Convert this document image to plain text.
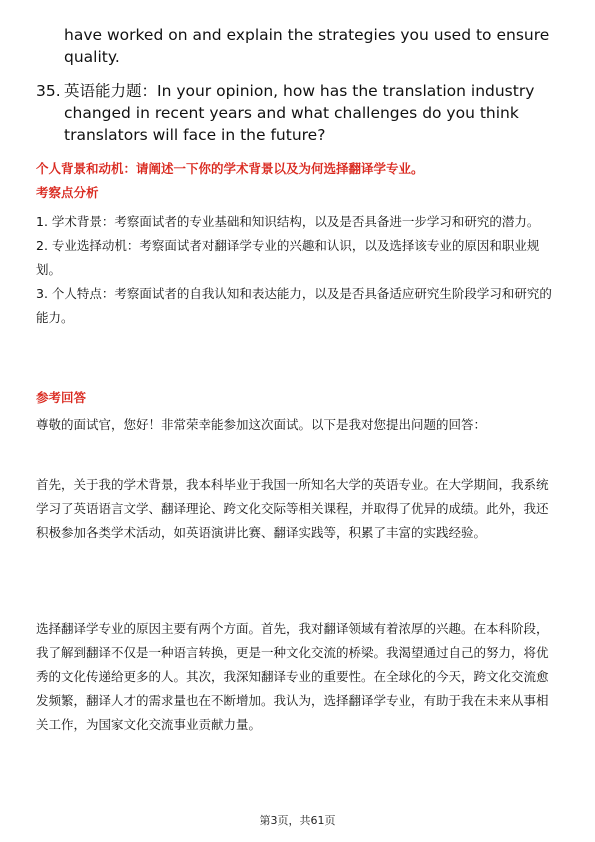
have worked on and explain the strategies you used to ensure quality.

35. 英语能力题：In your opinion, how has the translation industry changed in recent years and what challenges do you think translators will face in the future?

个人背景和动机：请阐述一下你的学术背景以及为何选择翻译学专业。

考察点分析

1. 学术背景：考察面试者的专业基础和知识结构，以及是否具备进一步学习和研究的潜力。

2. 专业选择动机：考察面试者对翻译学专业的兴趣和认识，以及选择该专业的原因和职业规划。

3. 个人特点：考察面试者的自我认知和表达能力，以及是否具备适应研究生阶段学习和研究的能力。

参考回答

尊敬的面试官，您好！非常荣幸能参加这次面试。以下是我对您提出问题的回答：

首先，关于我的学术背景，我本科毕业于我国一所知名大学的英语专业。在大学期间，我系统学习了英语语言文学、翻译理论、跨文化交际等相关课程，并取得了优异的成绩。此外，我还积极参加各类学术活动，如英语演讲比赛、翻译实践等，积累了丰富的实践经验。

选择翻译学专业的原因主要有两个方面。首先，我对翻译领域有着浓厚的兴趣。在本科阶段，我了解到翻译不仅是一种语言转换，更是一种文化交流的桥梁。我渴望通过自己的努力，将优秀的文化传递给更多的人。其次，我深知翻译专业的重要性。在全球化的今天，跨文化交流愈发频繁，翻译人才的需求量也在不断增加。我认为，选择翻译学专业，有助于我在未来从事相关工作，为国家文化交流事业贡献力量。

第3页，共61页
